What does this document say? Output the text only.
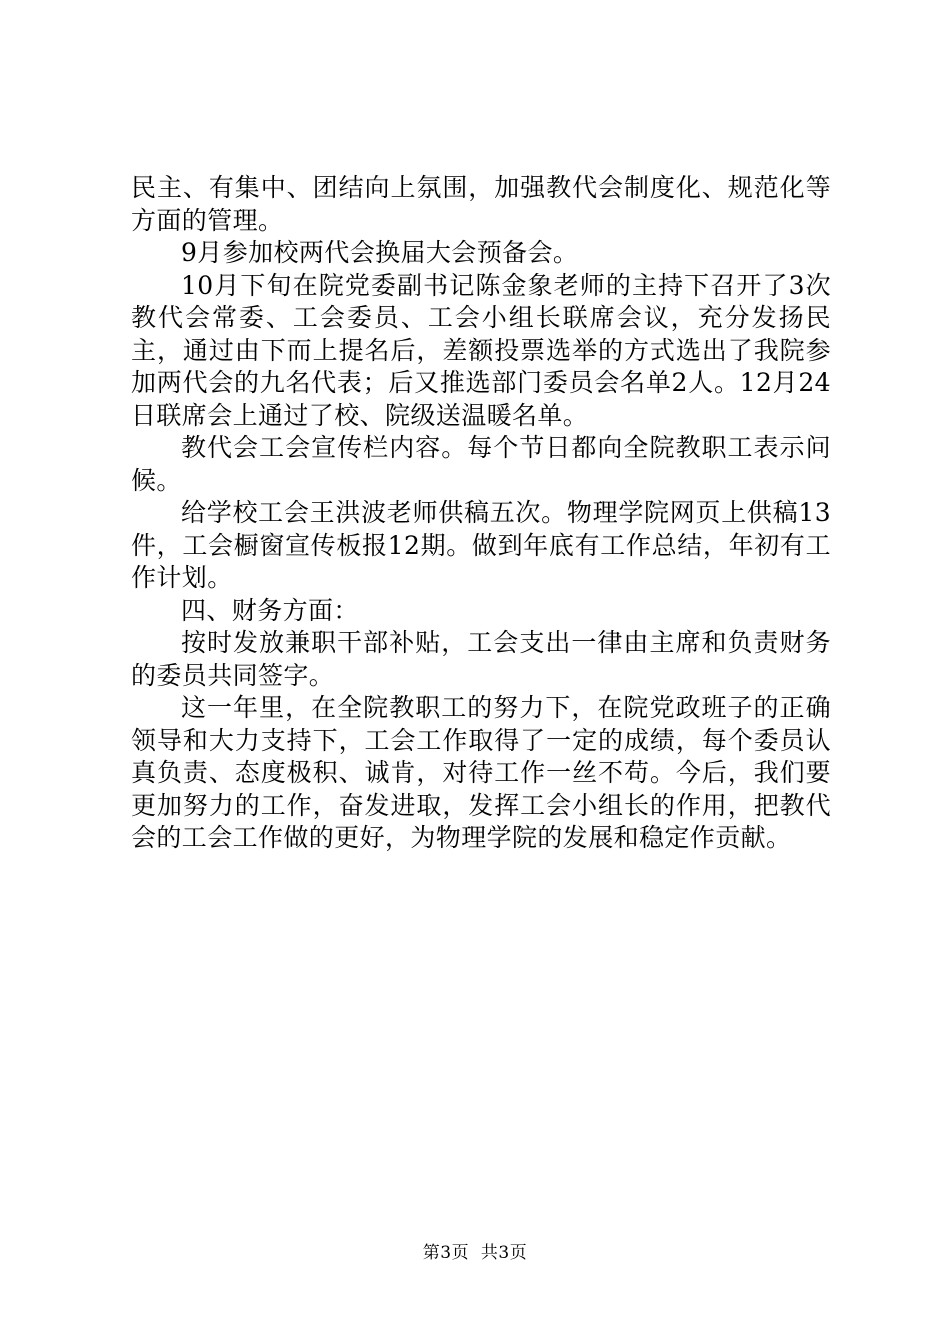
民主、有集中、团结向上氛围，加强教代会制度化、规范化等方面的管理。

9月参加校两代会换届大会预备会。

10月下旬在院党委副书记陈金象老师的主持下召开了3次教代会常委、工会委员、工会小组长联席会议，充分发扬民主，通过由下而上提名后，差额投票选举的方式选出了我院参加两代会的九名代表；后又推选部门委员会名单2人。12月24日联席会上通过了校、院级送温暖名单。

教代会工会宣传栏内容。每个节日都向全院教职工表示问候。

给学校工会王洪波老师供稿五次。物理学院网页上供稿13件，工会橱窗宣传板报12期。做到年底有工作总结，年初有工作计划。

四、财务方面：

按时发放兼职干部补贴，工会支出一律由主席和负责财务的委员共同签字。

这一年里，在全院教职工的努力下，在院党政班子的正确领导和大力支持下，工会工作取得了一定的成绩，每个委员认真负责、态度极积、诚肯，对待工作一丝不苟。今后，我们要更加努力的工作，奋发进取，发挥工会小组长的作用，把教代会的工会工作做的更好，为物理学院的发展和稳定作贡献。

第3页  共3页
